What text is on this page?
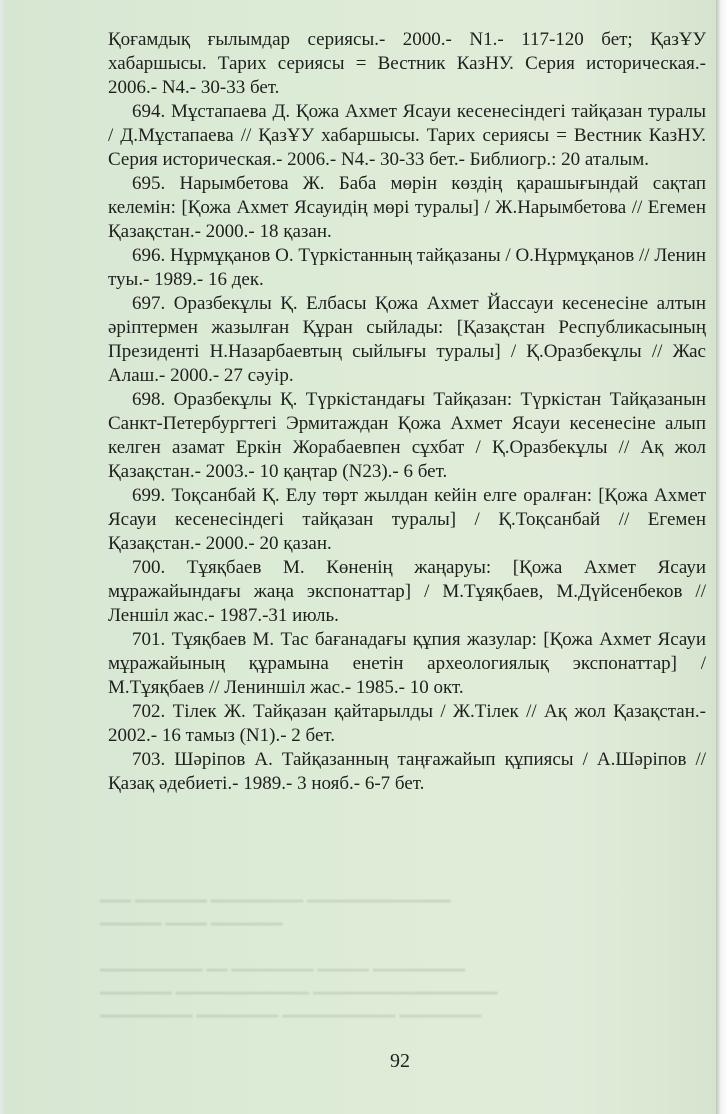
Қоғамдық ғылымдар сериясы.- 2000.- N1.- 117-120 бет; ҚазҰУ хабаршысы. Тарих сериясы = Вестник КазНУ. Серия историческая.- 2006.- N4.- 30-33 бет.

694. Мұстапаева Д. Қожа Ахмет Ясауи кесенесіндегі тайқазан туралы / Д.Мұстапаева // ҚазҰУ хабаршысы. Тарих сериясы = Вестник КазНУ. Серия историческая.- 2006.- N4.- 30-33 бет.- Библиогр.: 20 аталым.

695. Нарымбетова Ж. Баба мөрін көздің қарашығындай сақтап келемін: [Қожа Ахмет Ясауидің мөрі туралы] / Ж.Нарымбетова // Егемен Қазақстан.- 2000.- 18 қазан.

696. Нұрмұқанов О. Түркістанның тайқазаны / О.Нұрмұқанов // Ленин туы.- 1989.- 16 дек.

697. Оразбекұлы Қ. Елбасы Қожа Ахмет Йассауи кесенесіне алтын әріптермен жазылған Құран сыйлады: [Қазақстан Республикасының Президенті Н.Назарбаевтың сыйлығы туралы] / Қ.Оразбекұлы // Жас Алаш.- 2000.- 27 сәуір.

698. Оразбекұлы Қ. Түркістандағы Тайқазан: Түркістан Тайқазанын Санкт-Петербургтегі Эрмитаждан Қожа Ахмет Ясауи кесенесіне алып келген азамат Еркін Жорабаевпен сұхбат / Қ.Оразбекұлы // Ақ жол Қазақстан.- 2003.- 10 қаңтар (N23).- 6 бет.

699. Тоқсанбай Қ. Елу төрт жылдан кейін елге оралған: [Қожа Ахмет Ясауи кесенесіндегі тайқазан туралы] / Қ.Тоқсанбай // Егемен Қазақстан.- 2000.- 20 қазан.

700. Тұяқбаев М. Көненің жаңаруы: [Қожа Ахмет Ясауи мұражайындағы жаңа экспонаттар] / М.Тұяқбаев, М.Дүйсенбеков // Леншіл жас.- 1987.-31 июль.

701. Тұяқбаев М. Тас бағанадағы құпия жазулар: [Қожа Ахмет Ясауи мұражайының құрамына енетін археологиялық экспонаттар] / М.Тұяқбаев // Лениншіл жас.- 1985.- 10 окт.

702. Тілек Ж. Тайқазан қайтарылды / Ж.Тілек // Ақ жол Қазақстан.- 2002.- 16 тамыз (N1).- 2 бет.

703. Шәріпов А. Тайқазанның таңғажайып құпиясы / А.Шәріпов // Қазақ әдебиеті.- 1989.- 3 нояб.- 6-7 бет.

━━━ ━━━━━━━ ━━━━━━━━━ ━━━━━━━━━━━━━━
━━━━━━ ━━━━ ━━━━━━━

━━━━━━━━━━ ━━ ━━━━━━━━ ━━━━━ ━━━━━━━━━
━━━━━━━ ━━━━━━━━━━━━━ ━━━━━━━━━━━━━━━━━━
━━━━━━━━━ ━━━━━━━━ ━━━━━━━━━━━ ━━━━━━━━
92
